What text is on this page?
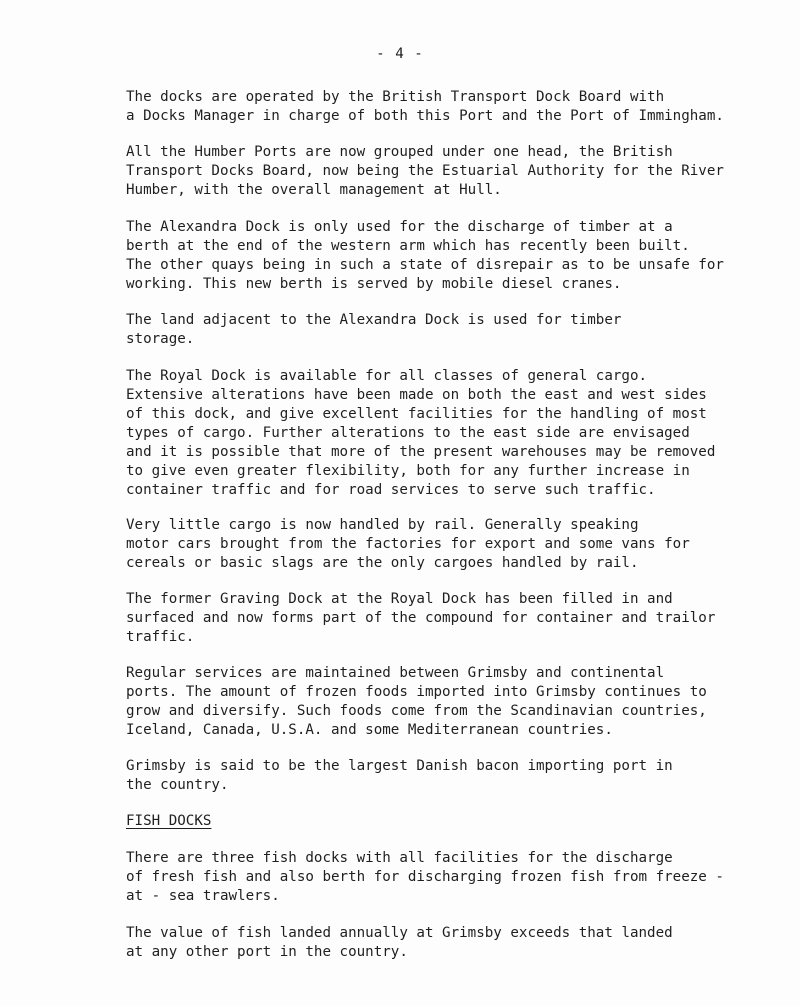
- 4 -

The docks are operated by the British Transport Dock Board with
a Docks Manager in charge of both this Port and the Port of Immingham.

All the Humber Ports are now grouped under one head, the British
Transport Docks Board, now being the Estuarial Authority for the River
Humber, with the overall management at Hull.

The Alexandra Dock is only used for the discharge of timber at a
berth at the end of the western arm which has recently been built.
The other quays being in such a state of disrepair as to be unsafe for
working. This new berth is served by mobile diesel cranes.

The land adjacent to the Alexandra Dock is used for timber
storage.

The Royal Dock is available for all classes of general cargo.
Extensive alterations have been made on both the east and west sides
of this dock, and give excellent facilities for the handling of most
types of cargo. Further alterations to the east side are envisaged
and it is possible that more of the present warehouses may be removed
to give even greater flexibility, both for any further increase in
container traffic and for road services to serve such traffic.

Very little cargo is now handled by rail. Generally speaking
motor cars brought from the factories for export and some vans for
cereals or basic slags are the only cargoes handled by rail.

The former Graving Dock at the Royal Dock has been filled in and
surfaced and now forms part of the compound for container and trailor
traffic.

Regular services are maintained between Grimsby and continental
ports. The amount of frozen foods imported into Grimsby continues to
grow and diversify. Such foods come from the Scandinavian countries,
Iceland, Canada, U.S.A. and some Mediterranean countries.

Grimsby is said to be the largest Danish bacon importing port in
the country.

FISH DOCKS

There are three fish docks with all facilities for the discharge
of fresh fish and also berth for discharging frozen fish from freeze -
at - sea trawlers.

The value of fish landed annually at Grimsby exceeds that landed
at any other port in the country.
